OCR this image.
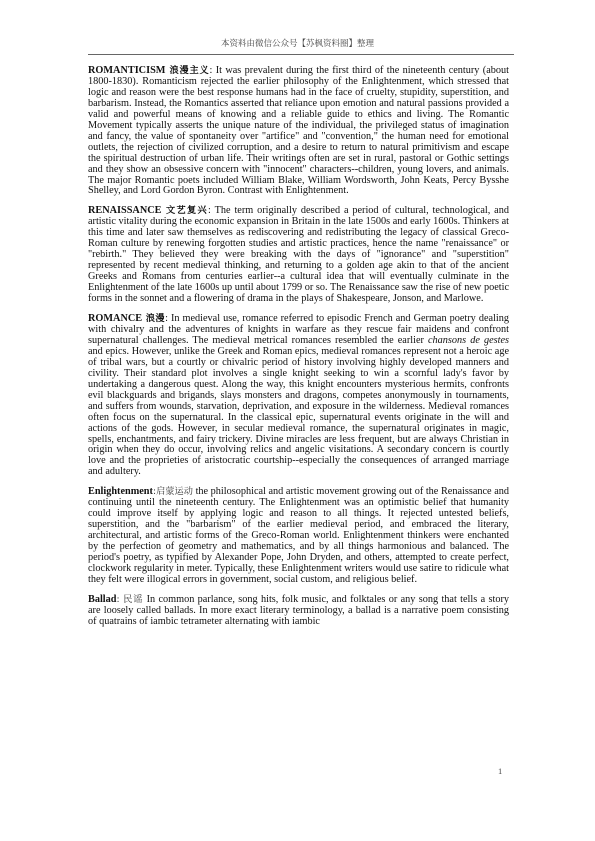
本资料由微信公众号【苏枫资料圈】整理

ROMANTICISM 浪漫主义: It was prevalent during the first third of the nineteenth century (about 1800-1830). Romanticism rejected the earlier philosophy of the Enlightenment, which stressed that logic and reason were the best response humans had in the face of cruelty, stupidity, superstition, and barbarism. Instead, the Romantics asserted that reliance upon emotion and natural passions provided a valid and powerful means of knowing and a reliable guide to ethics and living. The Romantic Movement typically asserts the unique nature of the individual, the privileged status of imagination and fancy, the value of spontaneity over "artifice" and "convention," the human need for emotional outlets, the rejection of civilized corruption, and a desire to return to natural primitivism and escape the spiritual destruction of urban life. Their writings often are set in rural, pastoral or Gothic settings and they show an obsessive concern with "innocent" characters--children, young lovers, and animals. The major Romantic poets included William Blake, William Wordsworth, John Keats, Percy Bysshe Shelley, and Lord Gordon Byron. Contrast with Enlightenment.

RENAISSANCE 文艺复兴: The term originally described a period of cultural, technological, and artistic vitality during the economic expansion in Britain in the late 1500s and early 1600s. Thinkers at this time and later saw themselves as rediscovering and redistributing the legacy of classical Greco-Roman culture by renewing forgotten studies and artistic practices, hence the name "renaissance" or "rebirth." They believed they were breaking with the days of "ignorance" and "superstition" represented by recent medieval thinking, and returning to a golden age akin to that of the ancient Greeks and Romans from centuries earlier--a cultural idea that will eventually culminate in the Enlightenment of the late 1600s up until about 1799 or so. The Renaissance saw the rise of new poetic forms in the sonnet and a flowering of drama in the plays of Shakespeare, Jonson, and Marlowe.

ROMANCE 浪漫: In medieval use, romance referred to episodic French and German poetry dealing with chivalry and the adventures of knights in warfare as they rescue fair maidens and confront supernatural challenges. The medieval metrical romances resembled the earlier chansons de gestes and epics. However, unlike the Greek and Roman epics, medieval romances represent not a heroic age of tribal wars, but a courtly or chivalric period of history involving highly developed manners and civility. Their standard plot involves a single knight seeking to win a scornful lady's favor by undertaking a dangerous quest. Along the way, this knight encounters mysterious hermits, confronts evil blackguards and brigands, slays monsters and dragons, competes anonymously in tournaments, and suffers from wounds, starvation, deprivation, and exposure in the wilderness. Medieval romances often focus on the supernatural. In the classical epic, supernatural events originate in the will and actions of the gods. However, in secular medieval romance, the supernatural originates in magic, spells, enchantments, and fairy trickery. Divine miracles are less frequent, but are always Christian in origin when they do occur, involving relics and angelic visitations. A secondary concern is courtly love and the proprieties of aristocratic courtship--especially the consequences of arranged marriage and adultery.

Enlightenment:启蒙运动 the philosophical and artistic movement growing out of the Renaissance and continuing until the nineteenth century. The Enlightenment was an optimistic belief that humanity could improve itself by applying logic and reason to all things. It rejected untested beliefs, superstition, and the "barbarism" of the earlier medieval period, and embraced the literary, architectural, and artistic forms of the Greco-Roman world. Enlightenment thinkers were enchanted by the perfection of geometry and mathematics, and by all things harmonious and balanced. The period's poetry, as typified by Alexander Pope, John Dryden, and others, attempted to create perfect, clockwork regularity in meter. Typically, these Enlightenment writers would use satire to ridicule what they felt were illogical errors in government, social custom, and religious belief.

Ballad: 民谣 In common parlance, song hits, folk music, and folktales or any song that tells a story are loosely called ballads. In more exact literary terminology, a ballad is a narrative poem consisting of quatrains of iambic tetrameter alternating with iambic

1
